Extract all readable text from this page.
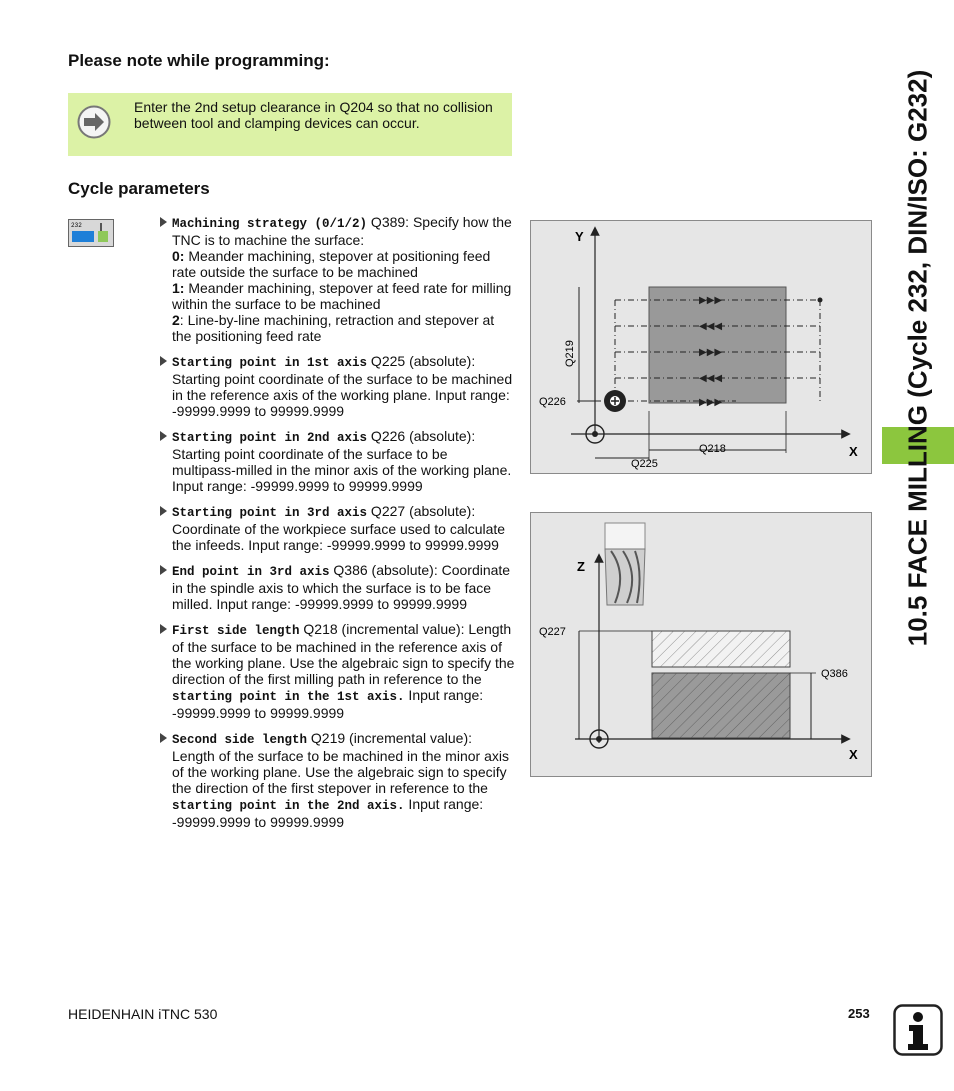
Please note while programming:
Enter the 2nd setup clearance in Q204 so that no collision between tool and clamping devices can occur.
Cycle parameters
232	Machining strategy (0/1/2) Q389: Specify how the TNC is to machine the surface:
0: Meander machining, stepover at positioning feed rate outside the surface to be machined
1: Meander machining, stepover at feed rate for milling within the surface to be machined
2: Line-by-line machining, retraction and stepover at the positioning feed rate
Starting point in 1st axis Q225 (absolute): Starting point coordinate of the surface to be machined in the reference axis of the working plane. Input range: -99999.9999 to 99999.9999
Starting point in 2nd axis Q226 (absolute): Starting point coordinate of the surface to be multipass-milled in the minor axis of the working plane. Input range: -99999.9999 to 99999.9999
Starting point in 3rd axis Q227 (absolute): Coordinate of the workpiece surface used to calculate the infeeds. Input range: -99999.9999 to 99999.9999
End point in 3rd axis Q386 (absolute): Coordinate in the spindle axis to which the surface is to be face milled. Input range: -99999.9999 to 99999.9999
First side length Q218 (incremental value): Length of the surface to be machined in the reference axis of the working plane. Use the algebraic sign to specify the direction of the first milling path in reference to the starting point in the 1st axis. Input range: -99999.9999 to 99999.9999
Second side length Q219 (incremental value): Length of the surface to be machined in the minor axis of the working plane. Use the algebraic sign to specify the direction of the first stepover in reference to the starting point in the 2nd axis. Input range: -99999.9999 to 99999.9999
Y
X
▶▶▶
◀◀◀
▶▶▶
◀◀◀
▶▶▶
Q219
Q226
Q218
Q225
Z
X
Q227
Q386
10.5 FACE MILLING (Cycle 232, DIN/ISO: G232)
HEIDENHAIN iTNC 530	253
